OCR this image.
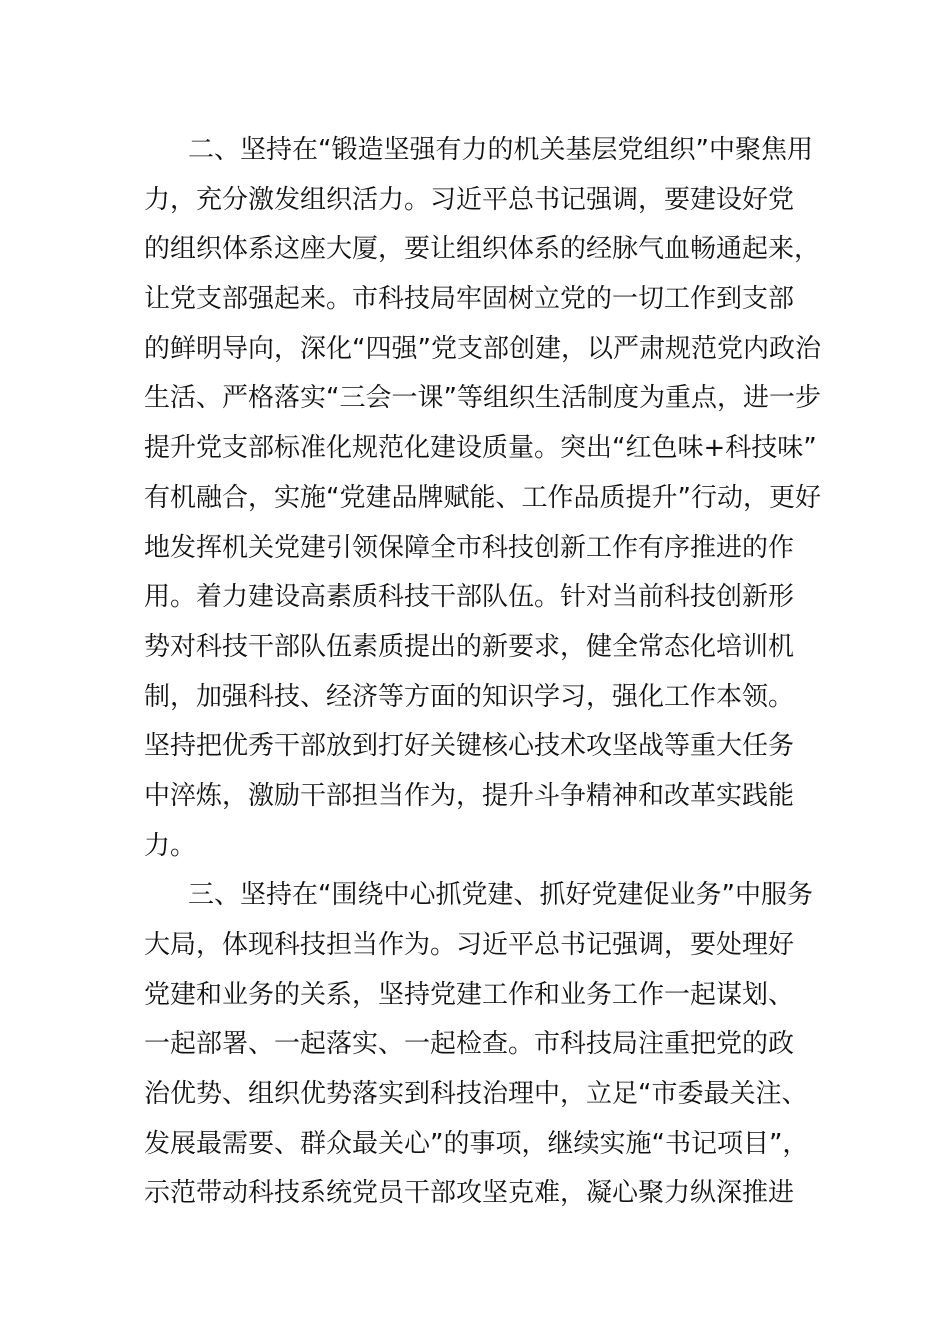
二、坚持在“锻造坚强有力的机关基层党组织”中聚焦用
力，充分激发组织活力。习近平总书记强调，要建设好党
的组织体系这座大厦，要让组织体系的经脉气血畅通起来，
让党支部强起来。市科技局牢固树立党的一切工作到支部
的鲜明导向，深化“四强”党支部创建，以严肃规范党内政治
生活、严格落实“三会一课”等组织生活制度为重点，进一步
提升党支部标准化规范化建设质量。突出“红色味+科技味”
有机融合，实施“党建品牌赋能、工作品质提升”行动，更好
地发挥机关党建引领保障全市科技创新工作有序推进的作
用。着力建设高素质科技干部队伍。针对当前科技创新形
势对科技干部队伍素质提出的新要求，健全常态化培训机
制，加强科技、经济等方面的知识学习，强化工作本领。
坚持把优秀干部放到打好关键核心技术攻坚战等重大任务
中淬炼，激励干部担当作为，提升斗争精神和改革实践能
力。
三、坚持在“围绕中心抓党建、抓好党建促业务”中服务
大局，体现科技担当作为。习近平总书记强调，要处理好
党建和业务的关系，坚持党建工作和业务工作一起谋划、
一起部署、一起落实、一起检查。市科技局注重把党的政
治优势、组织优势落实到科技治理中，立足“市委最关注、
发展最需要、群众最关心”的事项，继续实施“书记项目”，
示范带动科技系统党员干部攻坚克难，凝心聚力纵深推进
